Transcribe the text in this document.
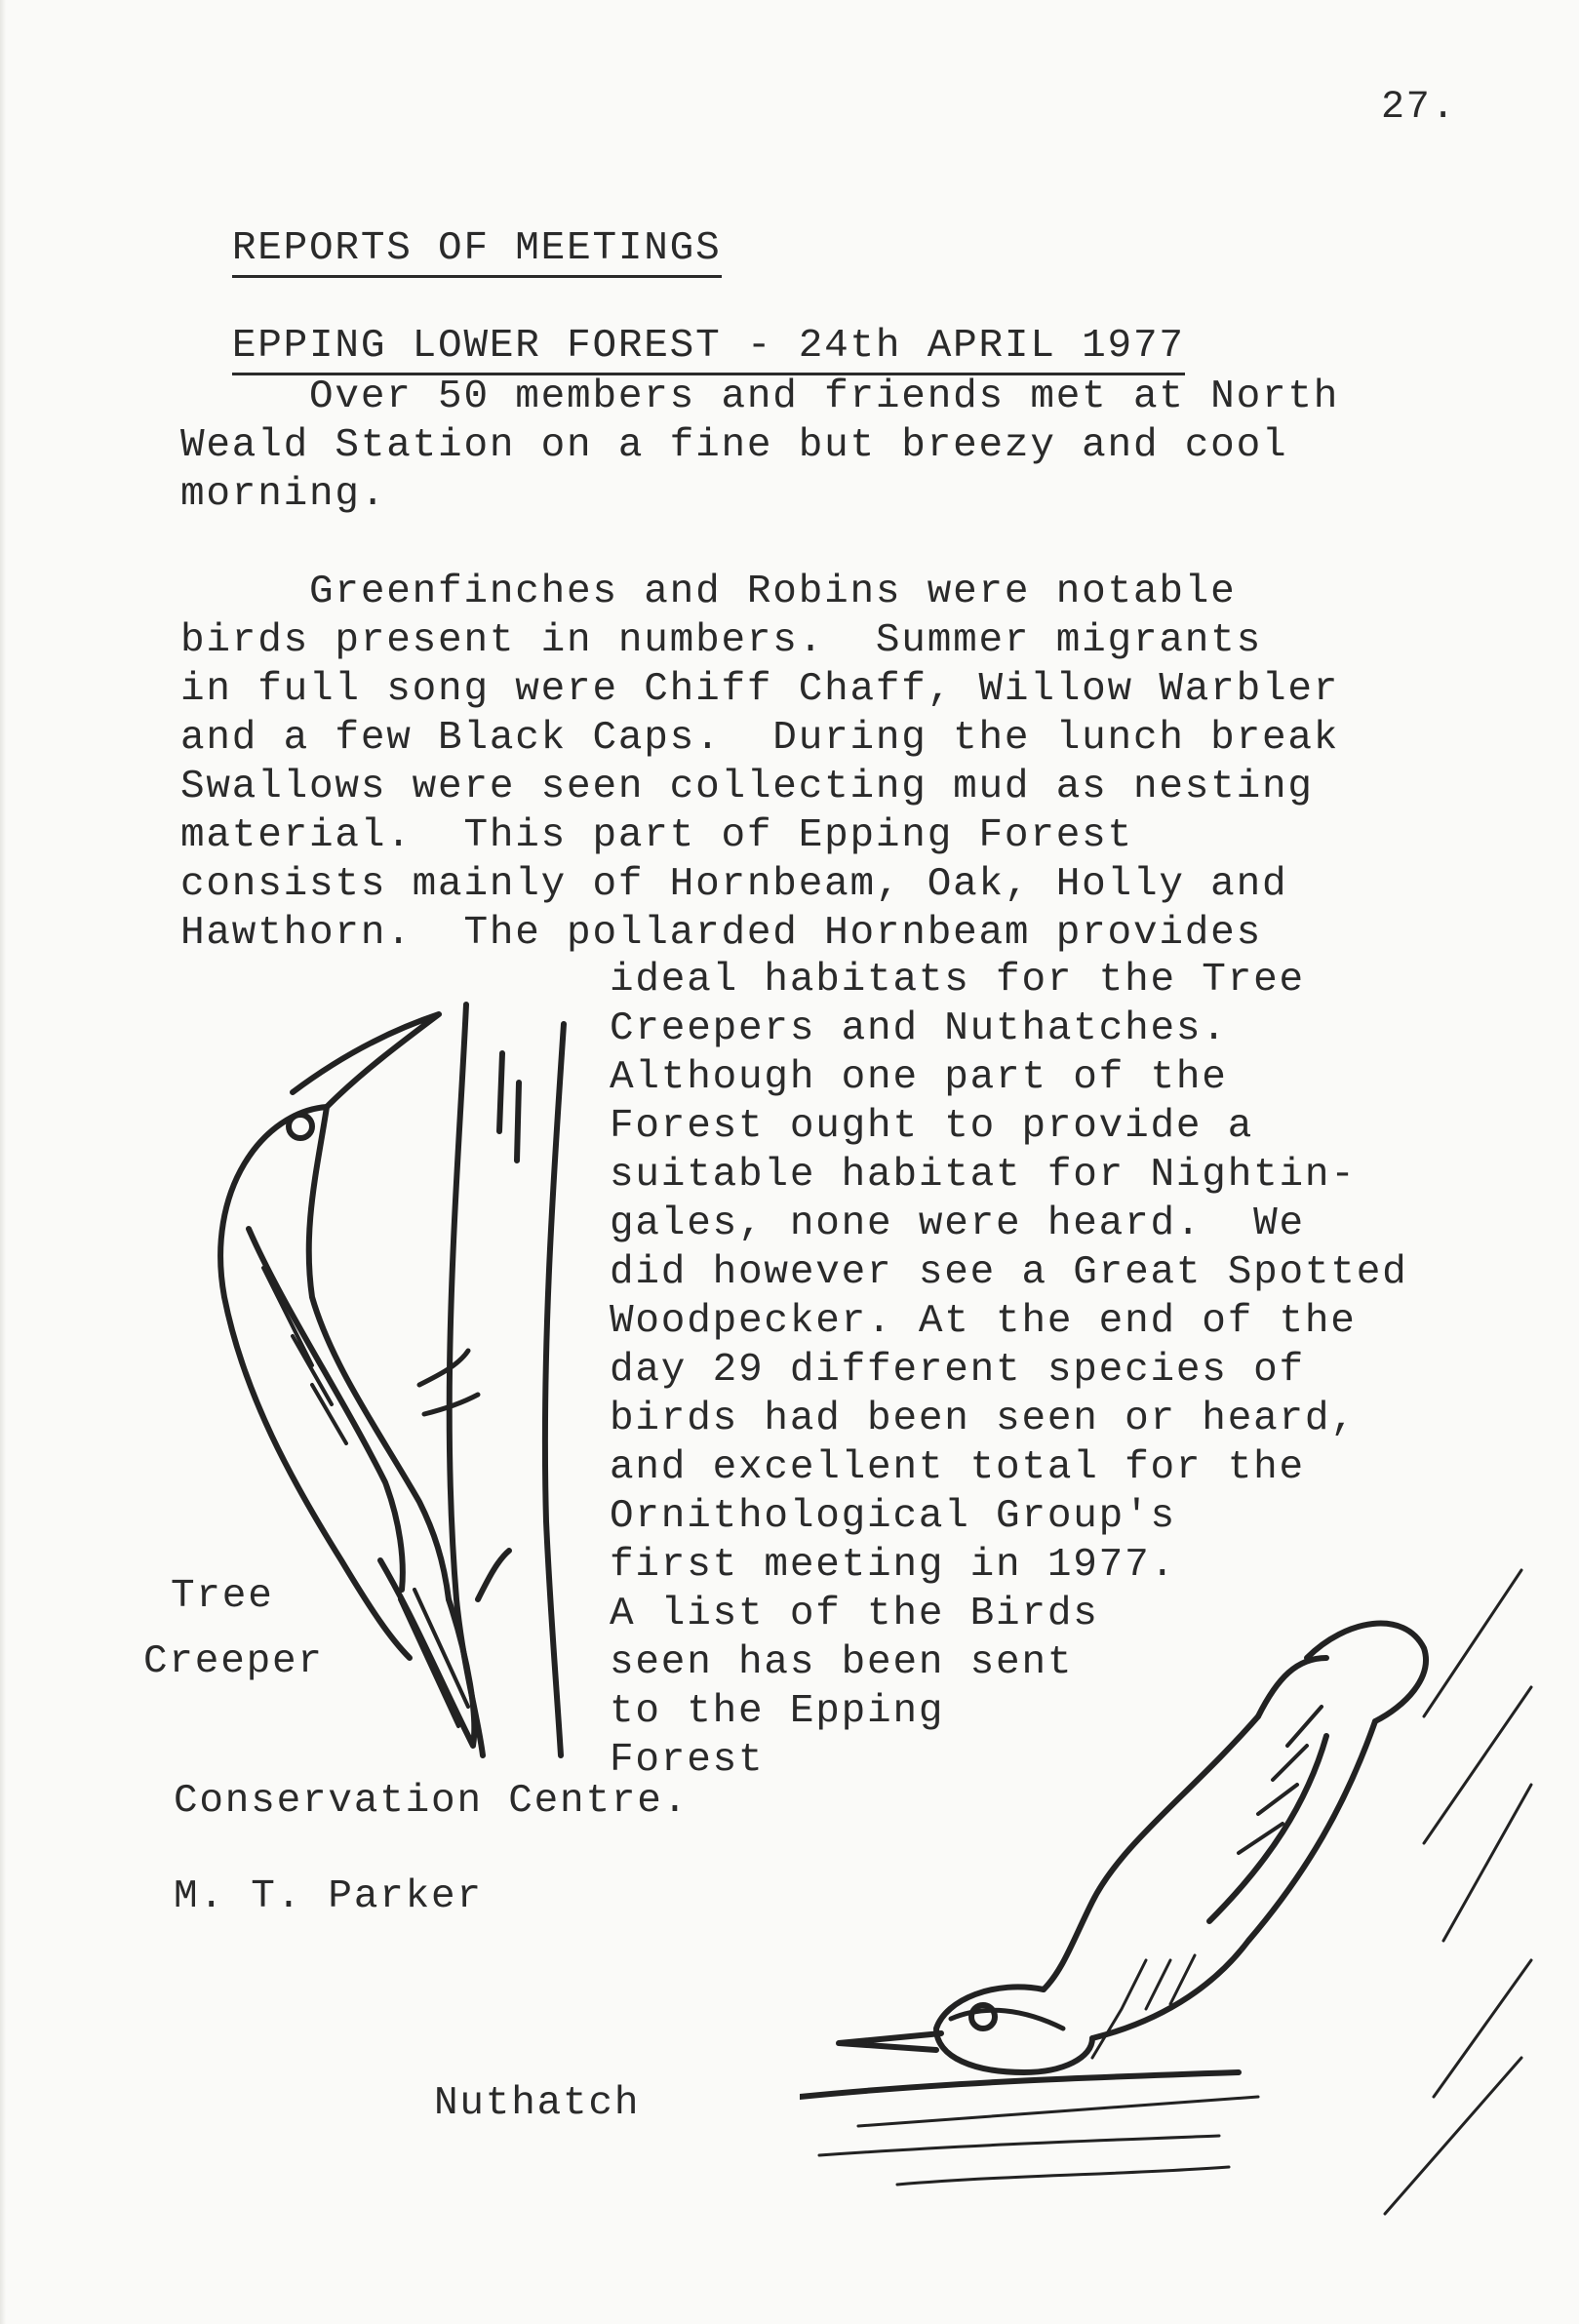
27.

REPORTS OF MEETINGS

EPPING LOWER FOREST - 24th APRIL 1977

Over 50 members and friends met at North
Weald Station on a fine but breezy and cool
morning.
Greenfinches and Robins were notable
birds present in numbers.  Summer migrants
in full song were Chiff Chaff, Willow Warbler
and a few Black Caps.  During the lunch break
Swallows were seen collecting mud as nesting
material.  This part of Epping Forest
consists mainly of Hornbeam, Oak, Holly and
Hawthorn.  The pollarded Hornbeam provides
ideal habitats for the Tree
Creepers and Nuthatches.
Although one part of the
Forest ought to provide a
suitable habitat for Nightin-
gales, none were heard.  We
did however see a Great Spotted
Woodpecker. At the end of the
day 29 different species of
birds had been seen or heard,
and excellent total for the
Ornithological Group's
first meeting in 1977.
A list of the Birds
seen has been sent
to the Epping
Forest
Conservation Centre.
M. T. Parker
Tree
Creeper
Nuthatch
